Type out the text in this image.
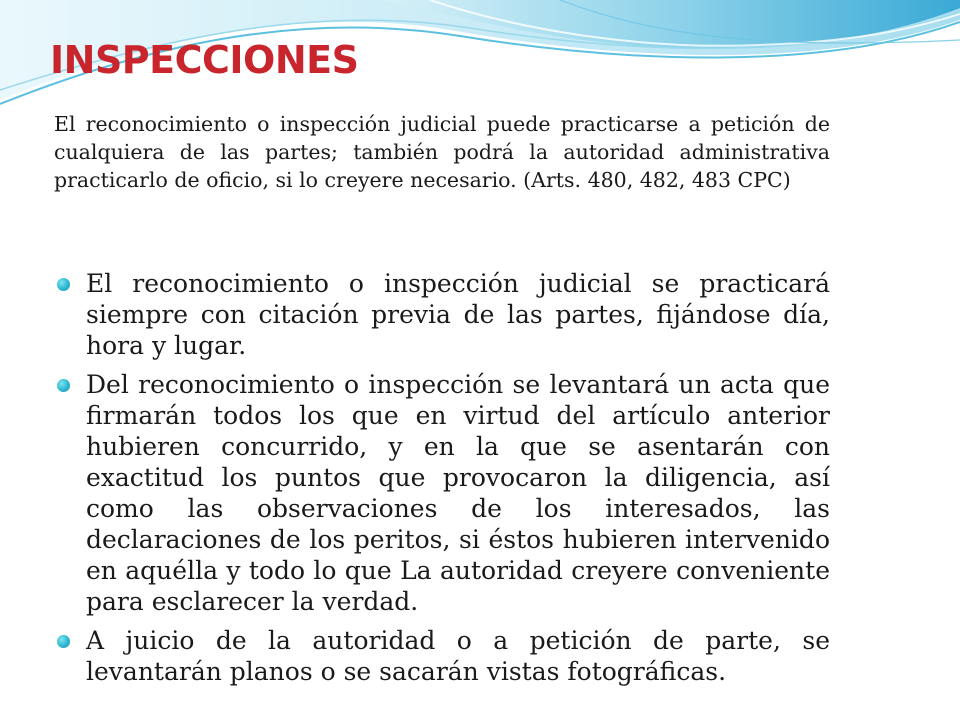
INSPECCIONES

El reconocimiento o inspección judicial puede practicarse a petición de cualquiera de las partes; también podrá la autoridad administrativa practicarlo de oficio, si lo creyere necesario. (Arts. 480, 482, 483 CPC)

El reconocimiento o inspección judicial se practicará siempre con citación previa de las partes, fijándose día, hora y lugar.
Del reconocimiento o inspección se levantará un acta que firmarán todos los que en virtud del artículo anterior hubieren concurrido, y en la que se asentarán con exactitud los puntos que provocaron la diligencia, así como las observaciones de los interesados, las declaraciones de los peritos, si éstos hubieren intervenido en aquélla y todo lo que La autoridad creyere conveniente para esclarecer la verdad.
A juicio de la autoridad o a petición de parte, se levantarán planos o se sacarán vistas fotográficas.
